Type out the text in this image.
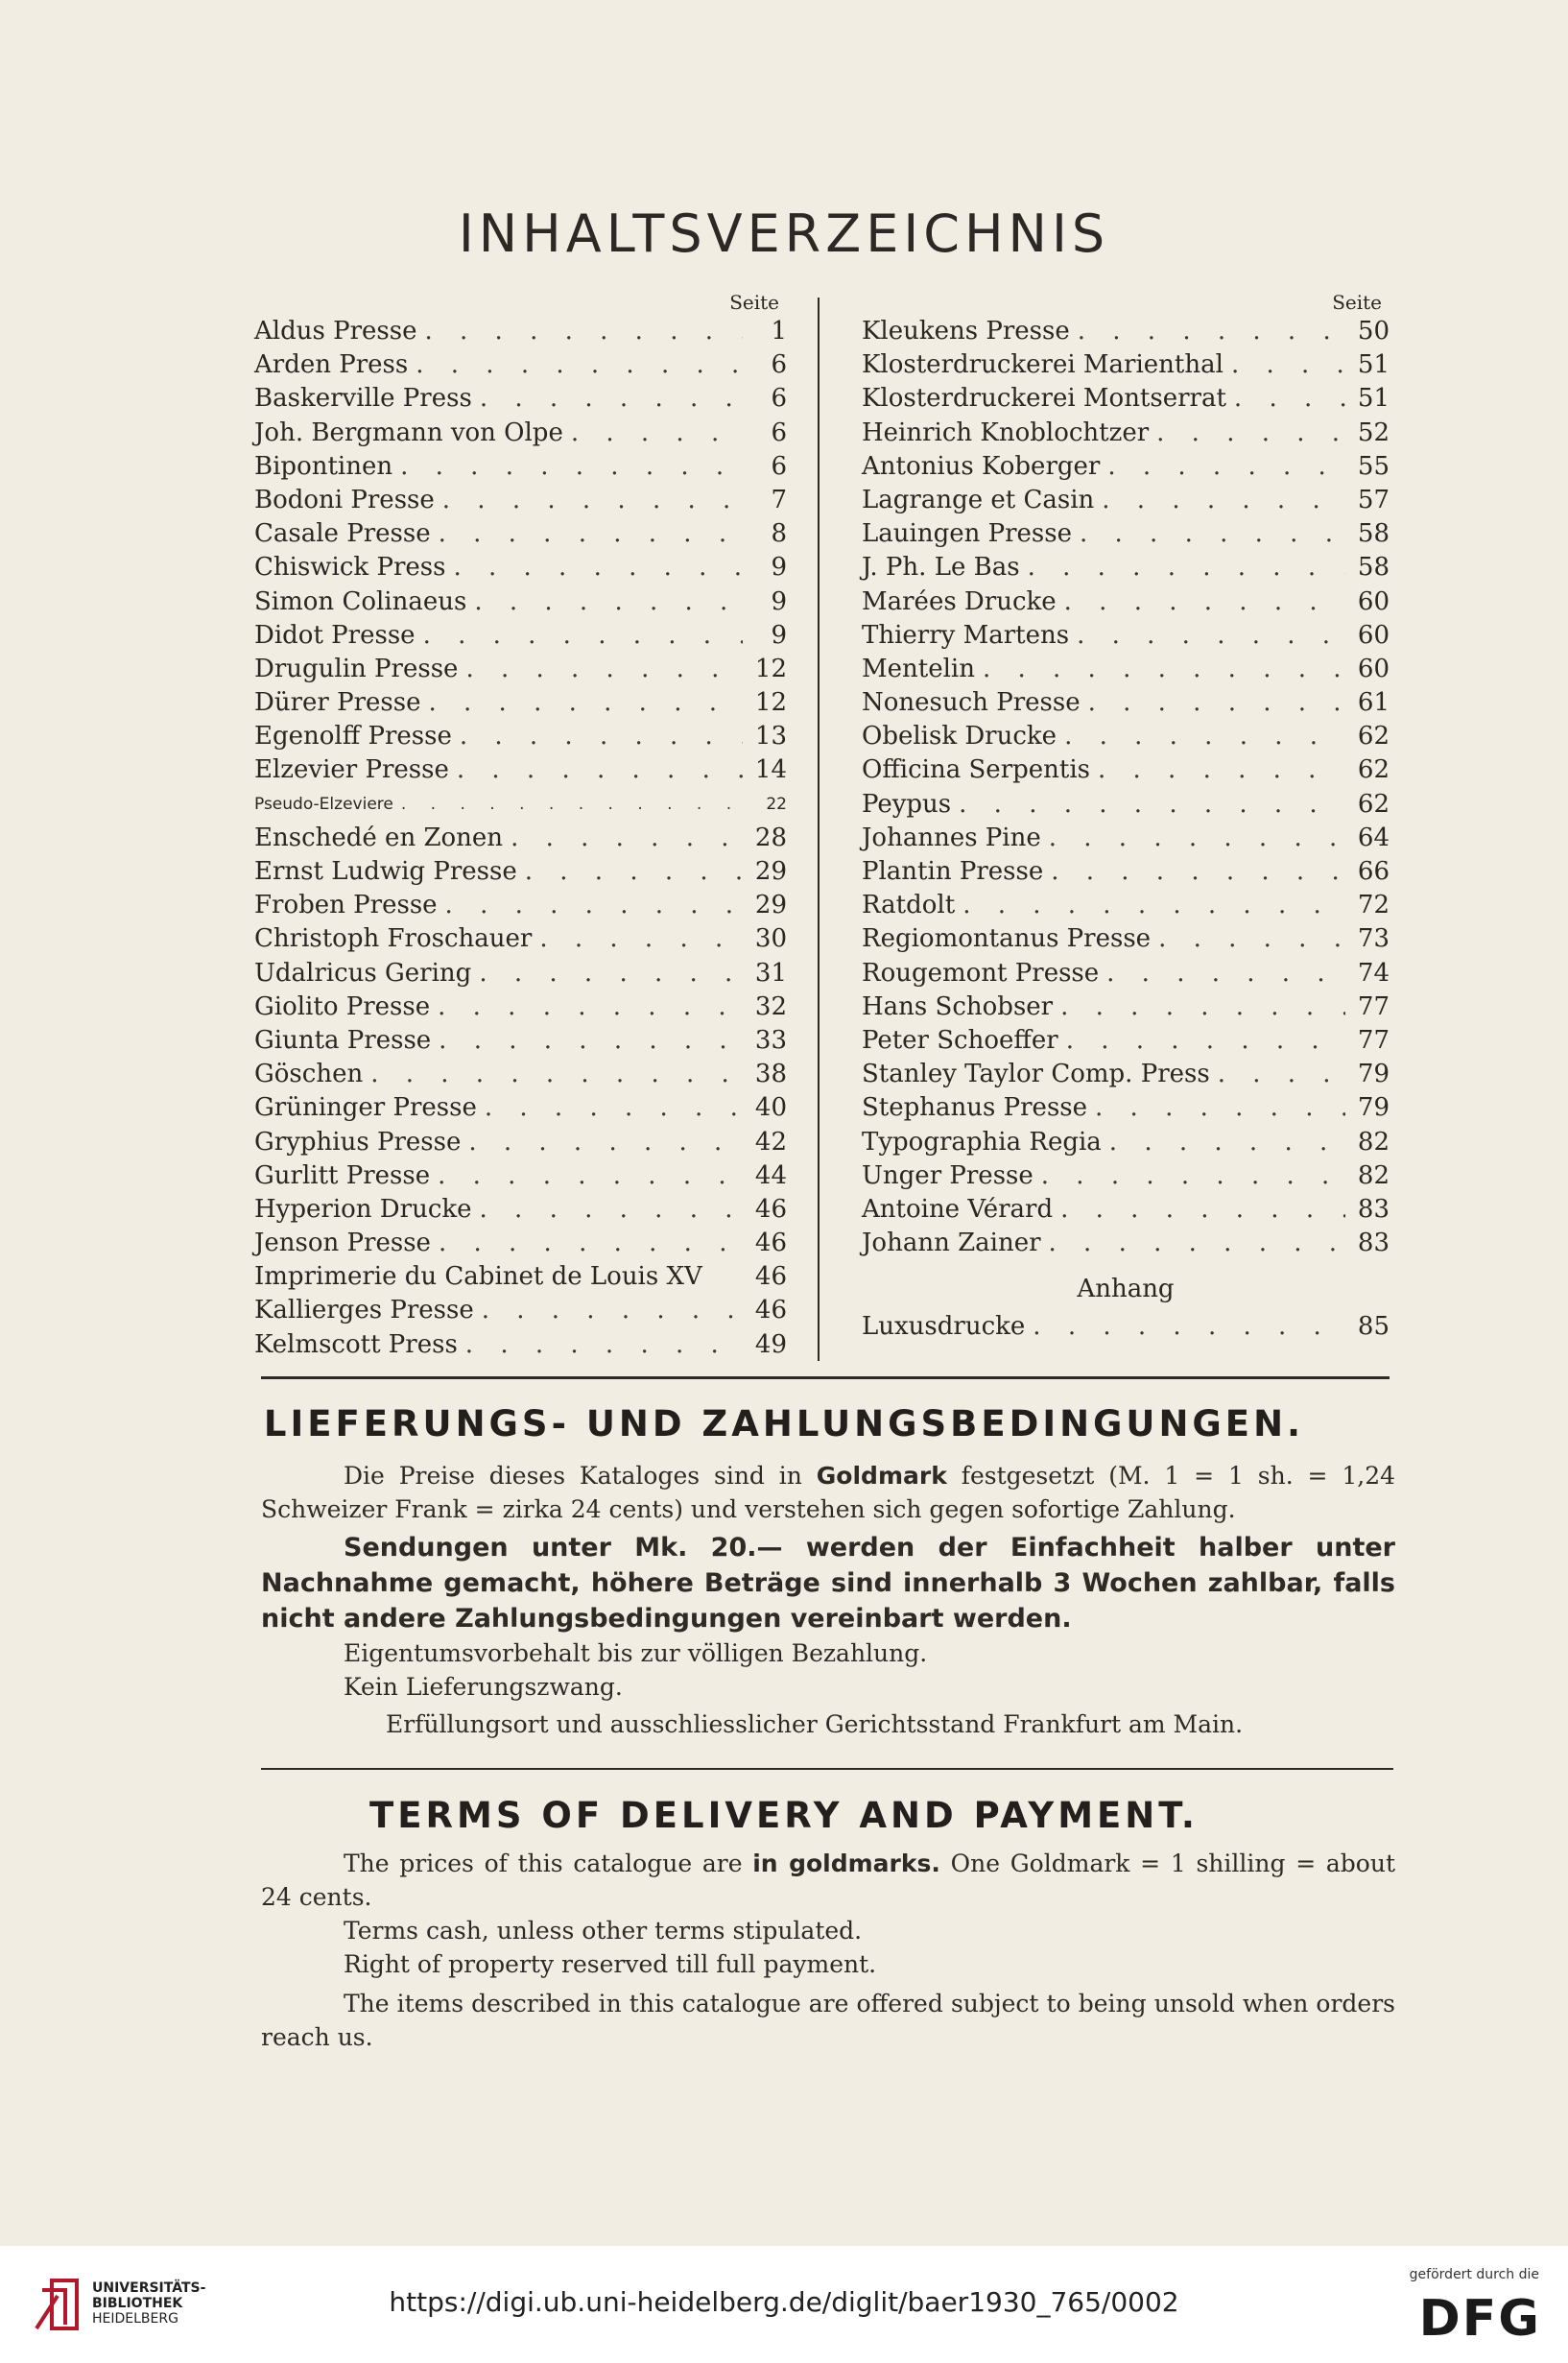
INHALTSVERZEICHNIS
Seite
Aldus Presse . . .	1
Arden Press . . .	6
Baskerville Press . . .	6
Joh. Bergmann von Olpe . . .	6
Bipontinen . . .	6
Bodoni Presse . . .	7
Casale Presse . . .	8
Chiswick Press . . .	9
Simon Colinaeus . . .	9
Didot Presse . . .	9
Drugulin Presse . . .	12
Dürer Presse . . .	12
Egenolff Presse . . .	13
Elzevier Presse . . .	14
Pseudo-Elzeviere . . .	22
Enschedé en Zonen . . .	28
Ernst Ludwig Presse . . .	29
Froben Presse . . .	29
Christoph Froschauer . . .	30
Udalricus Gering . . .	31
Giolito Presse . . .	32
Giunta Presse . . .	33
Göschen . . .	38
Grüninger Presse . . .	40
Gryphius Presse . . .	42
Gurlitt Presse . . .	44
Hyperion Drucke . . .	46
Jenson Presse . . .	46
Imprimerie du Cabinet de Louis XV	46
Kallierges Presse . . .	46
Kelmscott Press . . .	49
Seite
Kleukens Presse . . .	50
Klosterdruckerei Marienthal . . .	51
Klosterdruckerei Montserrat . . .	51
Heinrich Knoblochtzer . . .	52
Antonius Koberger . . .	55
Lagrange et Casin . . .	57
Lauingen Presse . . .	58
J. Ph. Le Bas . . .	58
Marées Drucke . . .	60
Thierry Martens . . .	60
Mentelin . . .	60
Nonesuch Presse . . .	61
Obelisk Drucke . . .	62
Officina Serpentis . . .	62
Peypus . . .	62
Johannes Pine . . .	64
Plantin Presse . . .	66
Ratdolt . . .	72
Regiomontanus Presse . . .	73
Rougemont Presse . . .	74
Hans Schobser . . .	77
Peter Schoeffer . . .	77
Stanley Taylor Comp. Press . . .	79
Stephanus Presse . . .	79
Typographia Regia . . .	82
Unger Presse . . .	82
Antoine Vérard . . .	83
Johann Zainer . . .	83
Anhang
Luxusdrucke . . .	85
LIEFERUNGS- UND ZAHLUNGSBEDINGUNGEN.
Die Preise dieses Kataloges sind in Goldmark festgesetzt (M. 1 = 1 sh. = 1,24 Schweizer Frank = zirka 24 cents) und verstehen sich gegen sofortige Zahlung.
Sendungen unter Mk. 20.— werden der Einfachheit halber unter Nachnahme gemacht, höhere Beträge sind innerhalb 3 Wochen zahlbar, falls nicht andere Zahlungsbedingungen vereinbart werden.
Eigentumsvorbehalt bis zur völligen Bezahlung.
Kein Lieferungszwang.
Erfüllungsort und ausschliesslicher Gerichtsstand Frankfurt am Main.
TERMS OF DELIVERY AND PAYMENT.
The prices of this catalogue are in goldmarks. One Goldmark = 1 shilling = about 24 cents.
Terms cash, unless other terms stipulated.
Right of property reserved till full payment.
The items described in this catalogue are offered subject to being unsold when orders reach us.
UNIVERSITÄTS-
BIBLIOTHEK
HEIDELBERG
https://digi.ub.uni-heidelberg.de/diglit/baer1930_765/0002
gefördert durch die
DFG
